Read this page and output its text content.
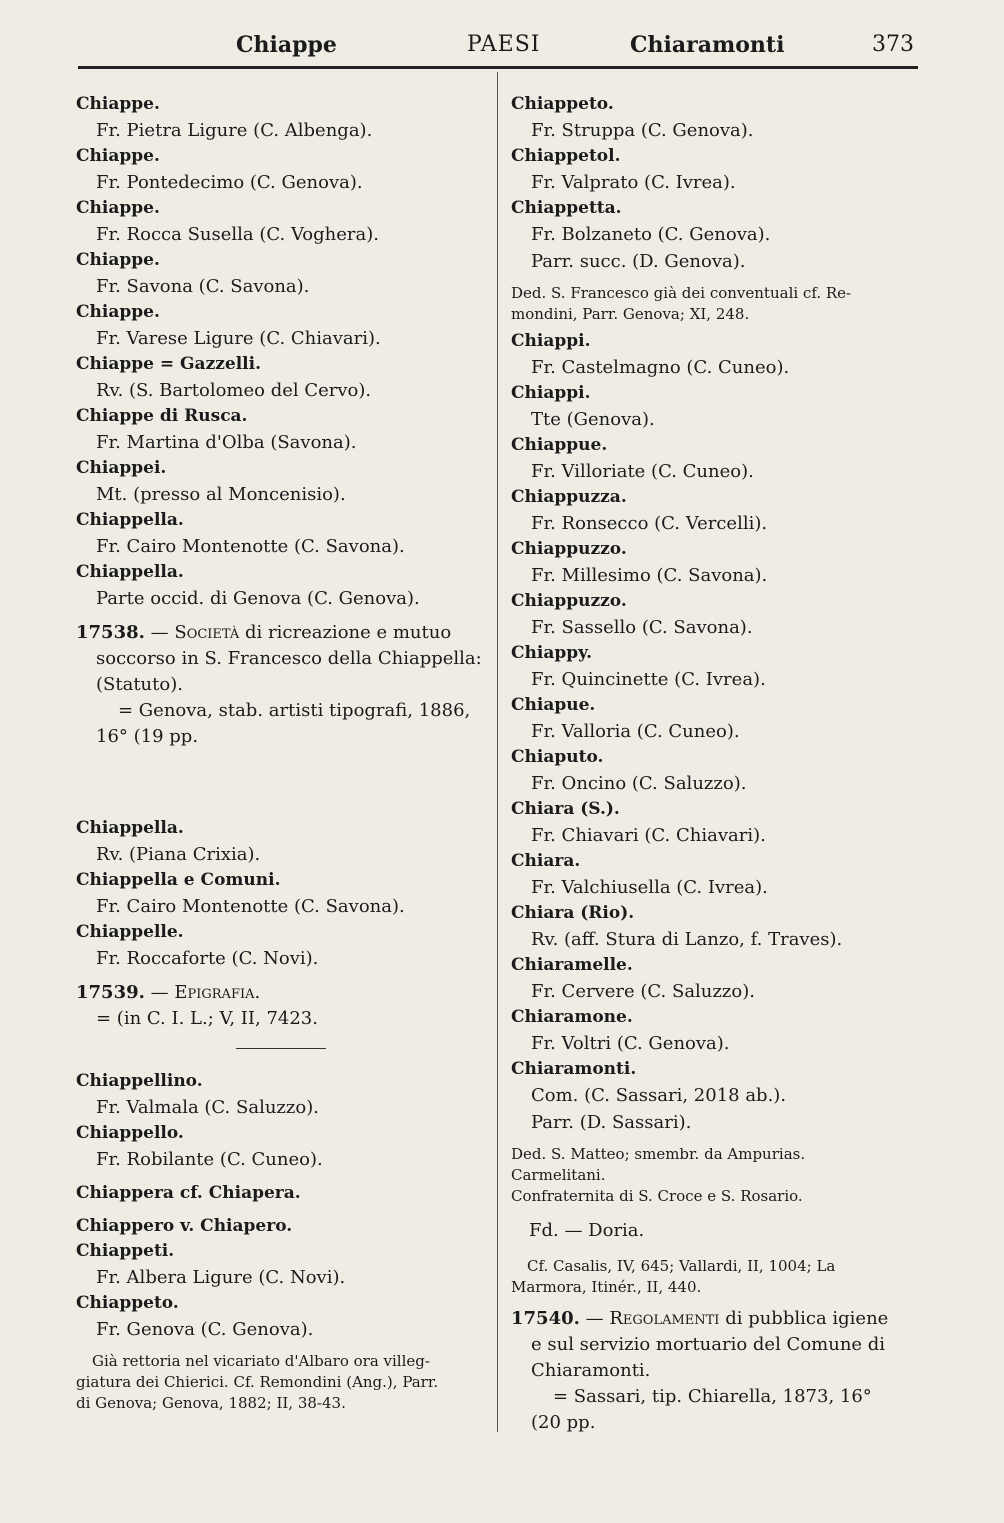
Chiappe	PAESI	Chiaramonti	373
Chiappe.
Fr. Pietra Ligure (C. Albenga).
Chiappe.
Fr. Pontedecimo (C. Genova).
Chiappe.
Fr. Rocca Susella (C. Voghera).
Chiappe.
Fr. Savona (C. Savona).
Chiappe.
Fr. Varese Ligure (C. Chiavari).
Chiappe = Gazzelli.
Rv. (S. Bartolomeo del Cervo).
Chiappe di Rusca.
Fr. Martina d'Olba (Savona).
Chiappei.
Mt. (presso al Moncenisio).
Chiappella.
Fr. Cairo Montenotte (C. Savona).
Chiappella.
Parte occid. di Genova (C. Genova).
17538. — Società di ricreazione e mutuo
soccorso in S. Francesco della Chiappella:
(Statuto).
= Genova, stab. artisti tipografi, 1886,
16° (19 pp.
Chiappella.
Rv. (Piana Crixia).
Chiappella e Comuni.
Fr. Cairo Montenotte (C. Savona).
Chiappelle.
Fr. Roccaforte (C. Novi).
17539. — Epigrafia.
= (in C. I. L.; V, II, 7423.
Chiappellino.
Fr. Valmala (C. Saluzzo).
Chiappello.
Fr. Robilante (C. Cuneo).
Chiappera cf. Chiapera.
Chiappero v. Chiapero.
Chiappeti.
Fr. Albera Ligure (C. Novi).
Chiappeto.
Fr. Genova (C. Genova).
Già rettoria nel vicariato d'Albaro ora villeg-
giatura dei Chierici. Cf. Remondini (Ang.), Parr.
di Genova; Genova, 1882; II, 38-43.
Chiappeto.
Fr. Struppa (C. Genova).
Chiappetol.
Fr. Valprato (C. Ivrea).
Chiappetta.
Fr. Bolzaneto (C. Genova).
Parr. succ. (D. Genova).
Ded. S. Francesco già dei conventuali cf. Re-
mondini, Parr. Genova; XI, 248.
Chiappi.
Fr. Castelmagno (C. Cuneo).
Chiappi.
Tte (Genova).
Chiappue.
Fr. Villoriate (C. Cuneo).
Chiappuzza.
Fr. Ronsecco (C. Vercelli).
Chiappuzzo.
Fr. Millesimo (C. Savona).
Chiappuzzo.
Fr. Sassello (C. Savona).
Chiappy.
Fr. Quincinette (C. Ivrea).
Chiapue.
Fr. Valloria (C. Cuneo).
Chiaputo.
Fr. Oncino (C. Saluzzo).
Chiara (S.).
Fr. Chiavari (C. Chiavari).
Chiara.
Fr. Valchiusella (C. Ivrea).
Chiara (Rio).
Rv. (aff. Stura di Lanzo, f. Traves).
Chiaramelle.
Fr. Cervere (C. Saluzzo).
Chiaramone.
Fr. Voltri (C. Genova).
Chiaramonti.
Com. (C. Sassari, 2018 ab.).
Parr. (D. Sassari).
Ded. S. Matteo; smembr. da Ampurias.
Carmelitani.
Confraternita di S. Croce e S. Rosario.
Fd. — Doria.
Cf. Casalis, IV, 645; Vallardi, II, 1004; La
Marmora, Itinér., II, 440.
17540. — Regolamenti di pubblica igiene
e sul servizio mortuario del Comune di
Chiaramonti.
= Sassari, tip. Chiarella, 1873, 16°
(20 pp.
